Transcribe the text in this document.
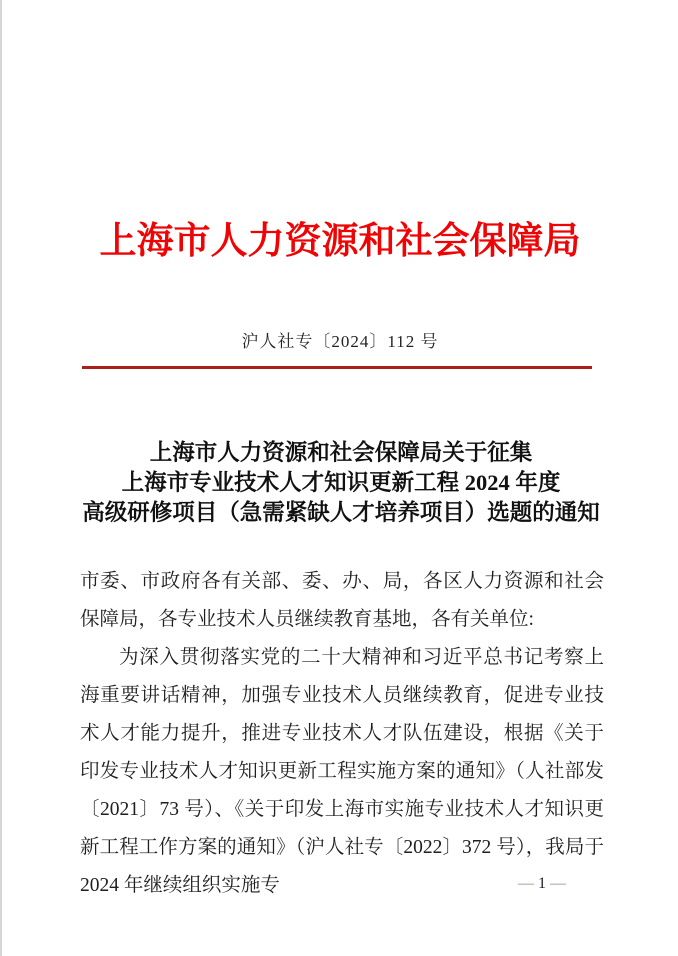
上海市人力资源和社会保障局
沪人社专〔2024〕112 号
上海市人力资源和社会保障局关于征集
上海市专业技术人才知识更新工程 2024 年度
高级研修项目（急需紧缺人才培养项目）选题的通知

市委、市政府各有关部、委、办、局，各区人力资源和社会保障局，各专业技术人员继续教育基地，各有关单位:

为深入贯彻落实党的二十大精神和习近平总书记考察上海重要讲话精神，加强专业技术人员继续教育，促进专业技术人才能力提升，推进专业技术人才队伍建设，根据《关于印发专业技术人才知识更新工程实施方案的通知》（人社部发〔2021〕73 号）、《关于印发上海市实施专业技术人才知识更新工程工作方案的通知》（沪人社专〔2022〕372 号），我局于 2024 年继续组织实施专	— 1 —
